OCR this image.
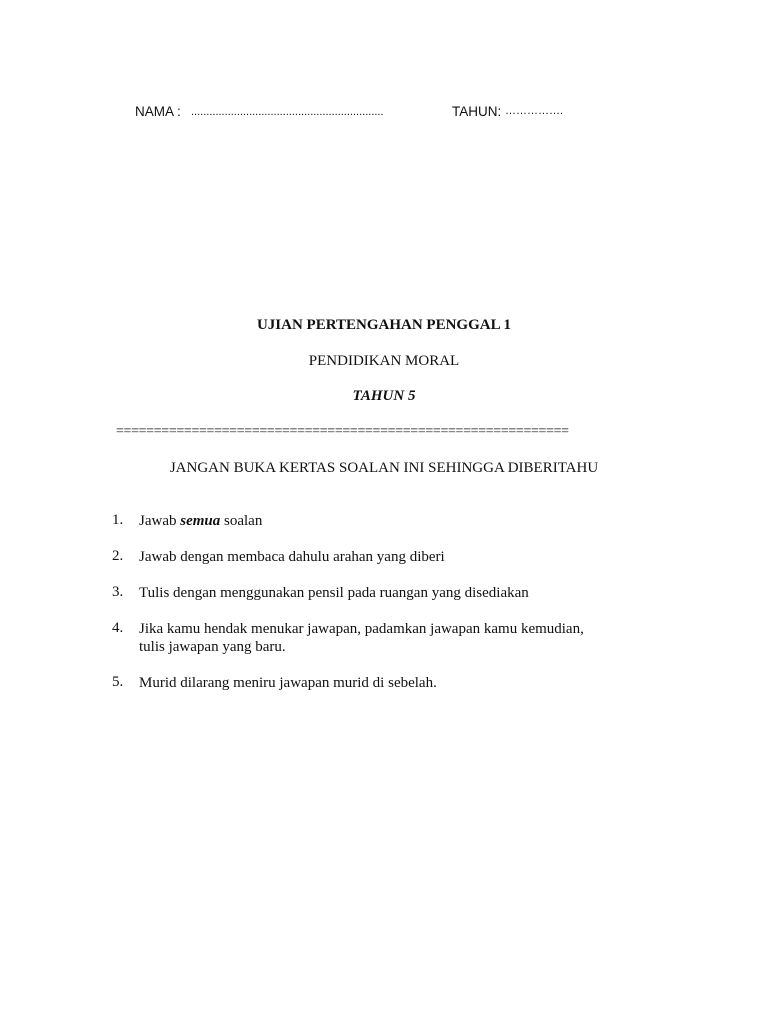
NAMA : ...............................................................	TAHUN: …………….
UJIAN PERTENGAHAN PENGGAL 1
PENDIDIKAN MORAL
TAHUN 5
============================================================
JANGAN BUKA KERTAS SOALAN INI SEHINGGA DIBERITAHU
1.	Jawab semua soalan
2.	Jawab dengan membaca dahulu arahan yang diberi
3.	Tulis dengan menggunakan pensil pada ruangan yang disediakan
4.	Jika kamu hendak menukar jawapan, padamkan jawapan kamu kemudian,
tulis jawapan yang baru.
5.	Murid dilarang meniru jawapan murid di sebelah.
